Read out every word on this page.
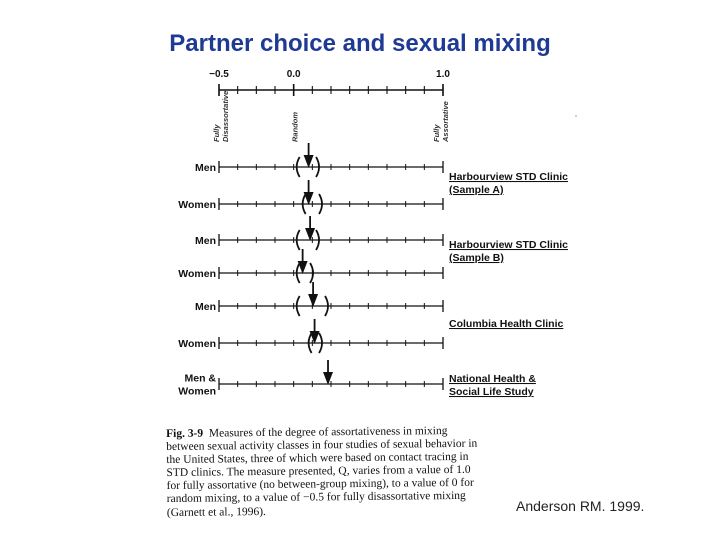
Partner choice and sexual mixing
−0.5	0.0	1.0
Fully Disassortative	Random	Fully Assortative
Men
Women
Men
Women
Men
Women
Men &
Women
Harbourview STD Clinic
(Sample A)
Harbourview STD Clinic
(Sample B)
Columbia Health Clinic
National Health &
Social Life Study
Fig. 3-9 Measures of the degree of assortativeness in mixing between sexual activity classes in four studies of sexual behavior in the United States, three of which were based on contact tracing in STD clinics. The measure presented, Q, varies from a value of 1.0 for fully assortative (no between-group mixing), to a value of 0 for random mixing, to a value of −0.5 for fully disassortative mixing (Garnett et al., 1996).	Anderson RM. 1999.
